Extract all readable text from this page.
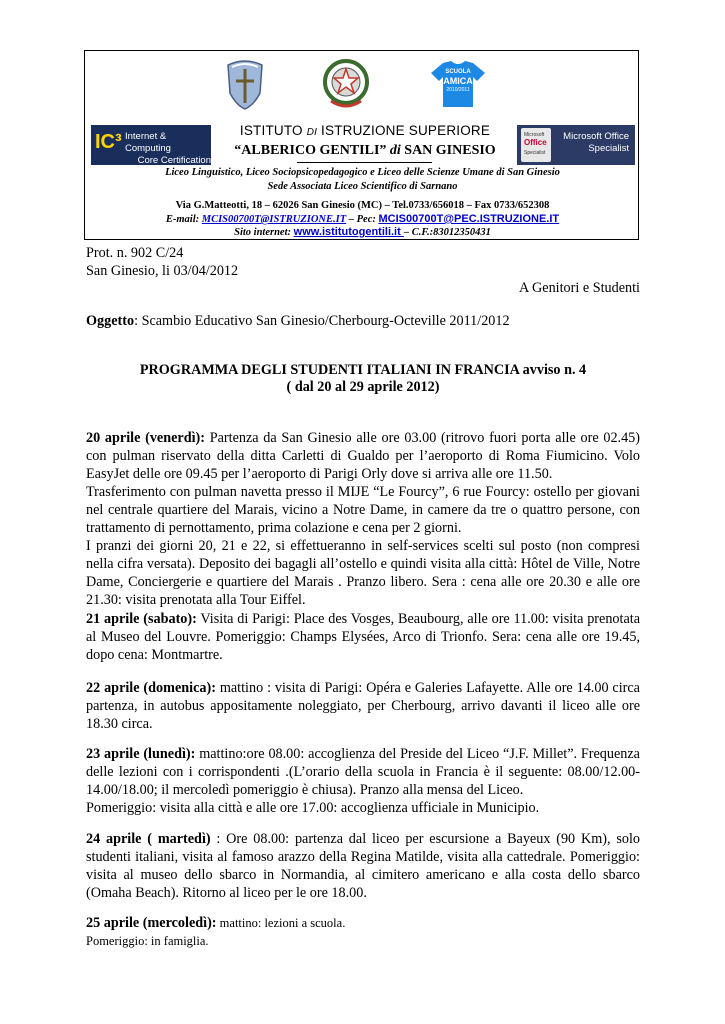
SCUOLA
AMICA
2010/2011
IC³ Internet & Computing
Core Certification
Microsoft
Office
Specialist
Microsoft Office
Specialist
ISTITUTO DI ISTRUZIONE SUPERIORE
“ALBERICO GENTILI” di SAN GINESIO
Liceo Linguistico, Liceo Sociopsicopedagogico e Liceo delle Scienze Umane di San Ginesio
Sede Associata Liceo Scientifico di Sarnano
Via G.Matteotti, 18 – 62026 San Ginesio (MC) – Tel.0733/656018 – Fax 0733/652308
E-mail: MCIS00700T@ISTRUZIONE.IT – Pec: MCIS00700T@PEC.ISTRUZIONE.IT
Sito internet: www.istitutogentili.it – C.F.:83012350431
Prot. n. 902 C/24
San Ginesio, li 03/04/2012
A Genitori e Studenti
Oggetto: Scambio Educativo San Ginesio/Cherbourg-Octeville 2011/2012
PROGRAMMA DEGLI STUDENTI ITALIANI IN FRANCIA avviso n. 4
( dal 20 al 29 aprile 2012)
20 aprile (venerdì): Partenza da San Ginesio alle ore 03.00 (ritrovo fuori porta alle ore 02.45) con pulman riservato della ditta Carletti di Gualdo per l’aeroporto di Roma Fiumicino. Volo EasyJet delle ore 09.45 per l’aeroporto di Parigi Orly dove si arriva alle ore 11.50.
Trasferimento con pulman navetta presso il MIJE “Le Fourcy”, 6 rue Fourcy: ostello per giovani nel centrale quartiere del Marais, vicino a Notre Dame, in camere da tre o quattro persone, con trattamento di pernottamento, prima colazione e cena per 2 giorni.
I pranzi dei giorni 20, 21 e 22, si effettueranno in self-services scelti sul posto (non compresi nella cifra versata). Deposito dei bagagli all’ostello e quindi visita alla città: Hôtel de Ville, Notre Dame, Conciergerie e quartiere del Marais . Pranzo libero. Sera : cena alle ore 20.30 e alle ore 21.30: visita prenotata alla Tour Eiffel.
21 aprile (sabato): Visita di Parigi: Place des Vosges, Beaubourg, alle ore 11.00: visita prenotata al Museo del Louvre. Pomeriggio: Champs Elysées, Arco di Trionfo. Sera: cena alle ore 19.45, dopo cena: Montmartre.
22 aprile (domenica): mattino : visita di Parigi: Opéra e Galeries Lafayette. Alle ore 14.00 circa partenza, in autobus appositamente noleggiato, per Cherbourg, arrivo davanti il liceo alle ore 18.30 circa.
23 aprile (lunedì): mattino:ore 08.00: accoglienza del Preside del Liceo “J.F. Millet”. Frequenza delle lezioni con i corrispondenti .(L’orario della scuola in Francia è il seguente: 08.00/12.00-14.00/18.00; il mercoledì pomeriggio è chiusa). Pranzo alla mensa del Liceo.
Pomeriggio: visita alla città e alle ore 17.00: accoglienza ufficiale in Municipio.
24 aprile ( martedì) : Ore 08.00: partenza dal liceo per escursione a Bayeux (90 Km), solo studenti italiani, visita al famoso arazzo della Regina Matilde, visita alla cattedrale. Pomeriggio: visita al museo dello sbarco in Normandia, al cimitero americano e alla costa dello sbarco (Omaha Beach). Ritorno al liceo per le ore 18.00.
25 aprile (mercoledì): mattino: lezioni a scuola.
Pomeriggio: in famiglia.
